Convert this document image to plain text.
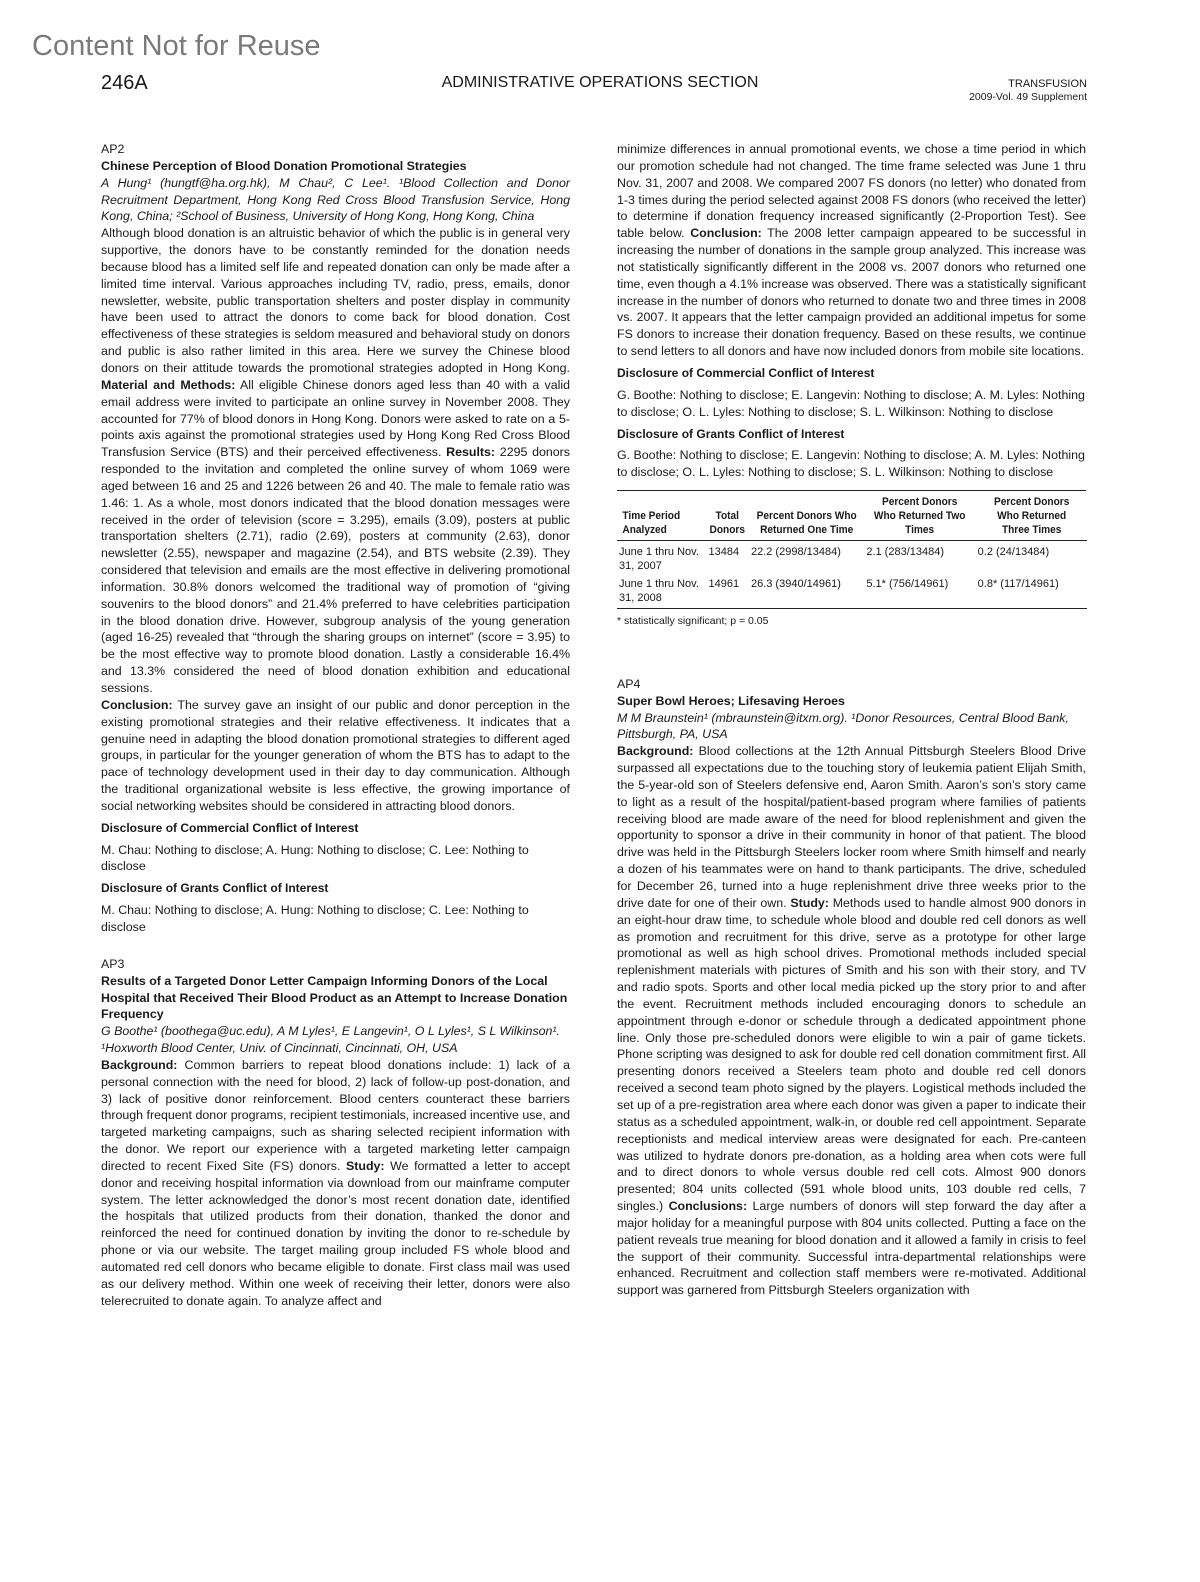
Content Not for Reuse
246A	ADMINISTRATIVE OPERATIONS SECTION	TRANSFUSION
2009-Vol. 49 Supplement

AP2

Chinese Perception of Blood Donation Promotional Strategies

A Hung¹ (hungtf@ha.org.hk), M Chau², C Lee¹. ¹Blood Collection and Donor Recruitment Department, Hong Kong Red Cross Blood Transfusion Service, Hong Kong, China; ²School of Business, University of Hong Kong, Hong Kong, China

Although blood donation is an altruistic behavior of which the public is in general very supportive, the donors have to be constantly reminded for the donation needs because blood has a limited self life and repeated donation can only be made after a limited time interval. Various approaches including TV, radio, press, emails, donor newsletter, website, public transportation shelters and poster display in community have been used to attract the donors to come back for blood donation. Cost effectiveness of these strategies is seldom measured and behavioral study on donors and public is also rather limited in this area. Here we survey the Chinese blood donors on their attitude towards the promotional strategies adopted in Hong Kong. Material and Methods: All eligible Chinese donors aged less than 40 with a valid email address were invited to participate an online survey in November 2008. They accounted for 77% of blood donors in Hong Kong. Donors were asked to rate on a 5-points axis against the promotional strategies used by Hong Kong Red Cross Blood Transfusion Service (BTS) and their perceived effectiveness. Results: 2295 donors responded to the invitation and completed the online survey of whom 1069 were aged between 16 and 25 and 1226 between 26 and 40. The male to female ratio was 1.46: 1. As a whole, most donors indicated that the blood donation messages were received in the order of television (score = 3.295), emails (3.09), posters at public transportation shelters (2.71), radio (2.69), posters at community (2.63), donor newsletter (2.55), newspaper and magazine (2.54), and BTS website (2.39). They considered that television and emails are the most effective in delivering promotional information. 30.8% donors welcomed the traditional way of promotion of “giving souvenirs to the blood donors” and 21.4% preferred to have celebrities participation in the blood donation drive. However, subgroup analysis of the young generation (aged 16-25) revealed that “through the sharing groups on internet” (score = 3.95) to be the most effective way to promote blood donation. Lastly a considerable 16.4% and 13.3% considered the need of blood donation exhibition and educational sessions.
Conclusion: The survey gave an insight of our public and donor perception in the existing promotional strategies and their relative effectiveness. It indicates that a genuine need in adapting the blood donation promotional strategies to different aged groups, in particular for the younger generation of whom the BTS has to adapt to the pace of technology development used in their day to day communication. Although the traditional organizational website is less effective, the growing importance of social networking websites should be considered in attracting blood donors.

Disclosure of Commercial Conflict of Interest

M. Chau: Nothing to disclose; A. Hung: Nothing to disclose; C. Lee: Nothing to disclose

Disclosure of Grants Conflict of Interest

M. Chau: Nothing to disclose; A. Hung: Nothing to disclose; C. Lee: Nothing to disclose

AP3

Results of a Targeted Donor Letter Campaign Informing Donors of the Local Hospital that Received Their Blood Product as an Attempt to Increase Donation Frequency

G Boothe¹ (boothega@uc.edu), A M Lyles¹, E Langevin¹, O L Lyles¹, S L Wilkinson¹. ¹Hoxworth Blood Center, Univ. of Cincinnati, Cincinnati, OH, USA

Background: Common barriers to repeat blood donations include: 1) lack of a personal connection with the need for blood, 2) lack of follow-up post-donation, and 3) lack of positive donor reinforcement. Blood centers counteract these barriers through frequent donor programs, recipient testimonials, increased incentive use, and targeted marketing campaigns, such as sharing selected recipient information with the donor. We report our experience with a targeted marketing letter campaign directed to recent Fixed Site (FS) donors. Study: We formatted a letter to accept donor and receiving hospital information via download from our mainframe computer system. The letter acknowledged the donor’s most recent donation date, identified the hospitals that utilized products from their donation, thanked the donor and reinforced the need for continued donation by inviting the donor to re-schedule by phone or via our website. The target mailing group included FS whole blood and automated red cell donors who became eligible to donate. First class mail was used as our delivery method. Within one week of receiving their letter, donors were also telerecruited to donate again. To analyze affect and

minimize differences in annual promotional events, we chose a time period in which our promotion schedule had not changed. The time frame selected was June 1 thru Nov. 31, 2007 and 2008. We compared 2007 FS donors (no letter) who donated from 1-3 times during the period selected against 2008 FS donors (who received the letter) to determine if donation frequency increased significantly (2-Proportion Test). See table below. Conclusion: The 2008 letter campaign appeared to be successful in increasing the number of donations in the sample group analyzed. This increase was not statistically significantly different in the 2008 vs. 2007 donors who returned one time, even though a 4.1% increase was observed. There was a statistically significant increase in the number of donors who returned to donate two and three times in 2008 vs. 2007. It appears that the letter campaign provided an additional impetus for some FS donors to increase their donation frequency. Based on these results, we continue to send letters to all donors and have now included donors from mobile site locations.

Disclosure of Commercial Conflict of Interest

G. Boothe: Nothing to disclose; E. Langevin: Nothing to disclose; A. M. Lyles: Nothing to disclose; O. L. Lyles: Nothing to disclose; S. L. Wilkinson: Nothing to disclose

Disclosure of Grants Conflict of Interest

G. Boothe: Nothing to disclose; E. Langevin: Nothing to disclose; A. M. Lyles: Nothing to disclose; O. L. Lyles: Nothing to disclose; S. L. Wilkinson: Nothing to disclose

Time Period Analyzed	Total Donors	Percent Donors Who Returned One Time	Percent Donors Who Returned Two Times	Percent Donors Who Returned Three Times
June 1 thru Nov. 31, 2007	13484	22.2 (2998/13484)	2.1 (283/13484)	0.2 (24/13484)
June 1 thru Nov. 31, 2008	14961	26.3 (3940/14961)	5.1* (756/14961)	0.8* (117/14961)
* statistically significant; p = 0.05

AP4

Super Bowl Heroes; Lifesaving Heroes

M M Braunstein¹ (mbraunstein@itxm.org). ¹Donor Resources, Central Blood Bank, Pittsburgh, PA, USA

Background: Blood collections at the 12th Annual Pittsburgh Steelers Blood Drive surpassed all expectations due to the touching story of leukemia patient Elijah Smith, the 5-year-old son of Steelers defensive end, Aaron Smith. Aaron’s son’s story came to light as a result of the hospital/patient-based program where families of patients receiving blood are made aware of the need for blood replenishment and given the opportunity to sponsor a drive in their community in honor of that patient. The blood drive was held in the Pittsburgh Steelers locker room where Smith himself and nearly a dozen of his teammates were on hand to thank participants. The drive, scheduled for December 26, turned into a huge replenishment drive three weeks prior to the drive date for one of their own. Study: Methods used to handle almost 900 donors in an eight-hour draw time, to schedule whole blood and double red cell donors as well as promotion and recruitment for this drive, serve as a prototype for other large promotional as well as high school drives. Promotional methods included special replenishment materials with pictures of Smith and his son with their story, and TV and radio spots. Sports and other local media picked up the story prior to and after the event. Recruitment methods included encouraging donors to schedule an appointment through e-donor or schedule through a dedicated appointment phone line. Only those pre-scheduled donors were eligible to win a pair of game tickets. Phone scripting was designed to ask for double red cell donation commitment first. All presenting donors received a Steelers team photo and double red cell donors received a second team photo signed by the players. Logistical methods included the set up of a pre-registration area where each donor was given a paper to indicate their status as a scheduled appointment, walk-in, or double red cell appointment. Separate receptionists and medical interview areas were designated for each. Pre-canteen was utilized to hydrate donors pre-donation, as a holding area when cots were full and to direct donors to whole versus double red cell cots. Almost 900 donors presented; 804 units collected (591 whole blood units, 103 double red cells, 7 singles.) Conclusions: Large numbers of donors will step forward the day after a major holiday for a meaningful purpose with 804 units collected. Putting a face on the patient reveals true meaning for blood donation and it allowed a family in crisis to feel the support of their community. Successful intra-departmental relationships were enhanced. Recruitment and collection staff members were re-motivated. Additional support was garnered from Pittsburgh Steelers organization with
